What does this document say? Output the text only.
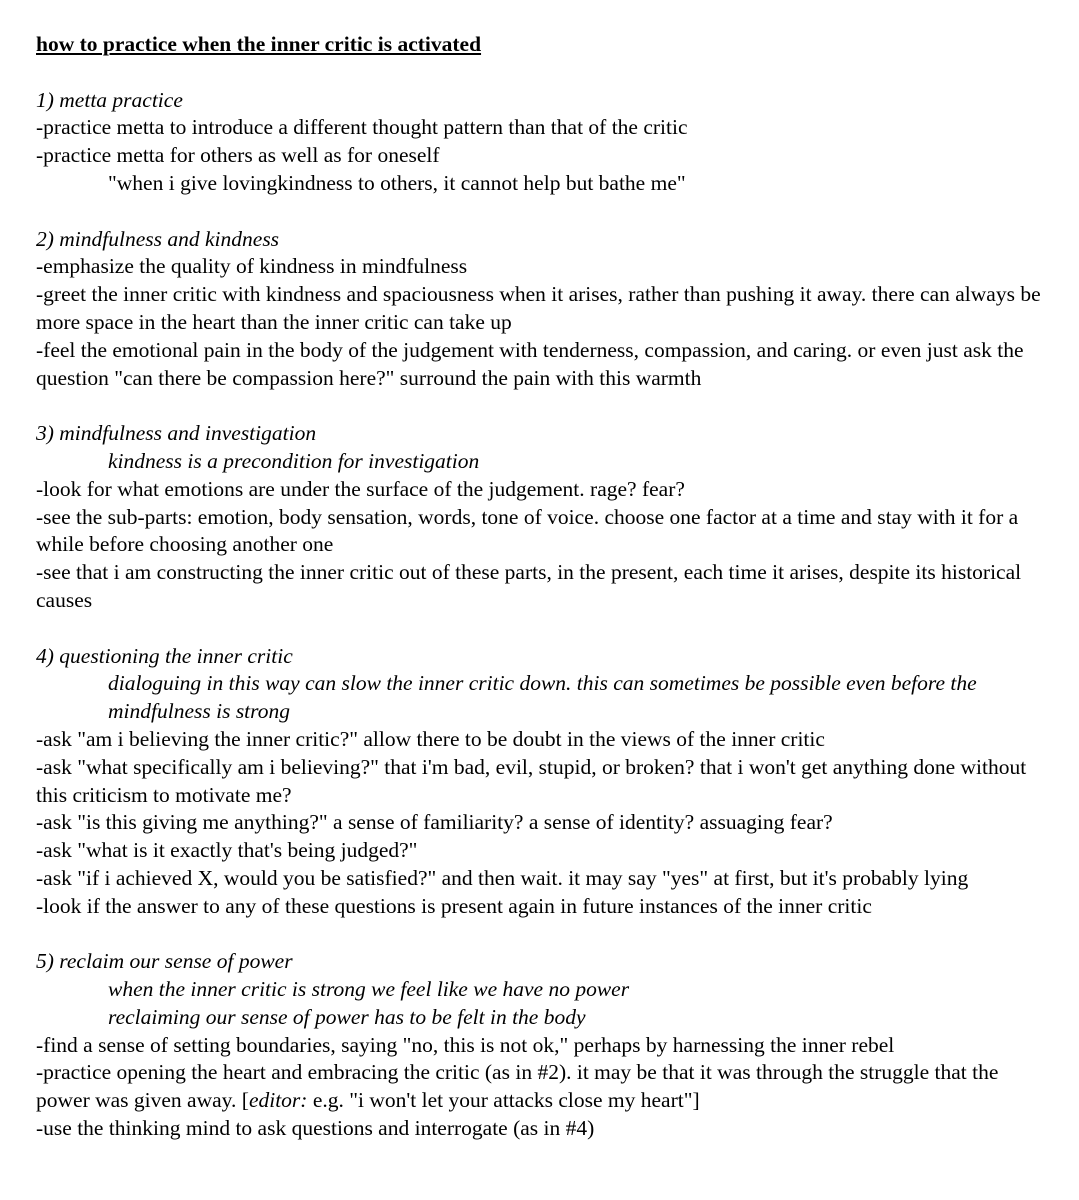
how to practice when the inner critic is activated

1) metta practice

-practice metta to introduce a different thought pattern than that of the critic

-practice metta for others as well as for oneself

"when i give lovingkindness to others, it cannot help but bathe me"

2) mindfulness and kindness

-emphasize the quality of kindness in mindfulness

-greet the inner critic with kindness and spaciousness when it arises, rather than pushing it away. there can always be more space in the heart than the inner critic can take up

-feel the emotional pain in the body of the judgement with tenderness, compassion, and caring. or even just ask the question "can there be compassion here?" surround the pain with this warmth

3) mindfulness and investigation

kindness is a precondition for investigation

-look for what emotions are under the surface of the judgement. rage? fear?

-see the sub-parts: emotion, body sensation, words, tone of voice. choose one factor at a time and stay with it for a while before choosing another one

-see that i am constructing the inner critic out of these parts, in the present, each time it arises, despite its historical causes

4) questioning the inner critic

dialoguing in this way can slow the inner critic down. this can sometimes be possible even before the mindfulness is strong

-ask "am i believing the inner critic?" allow there to be doubt in the views of the inner critic

-ask "what specifically am i believing?" that i'm bad, evil, stupid, or broken? that i won't get anything done without this criticism to motivate me?

-ask "is this giving me anything?" a sense of familiarity? a sense of identity? assuaging fear?

-ask "what is it exactly that's being judged?"

-ask "if i achieved X, would you be satisfied?" and then wait. it may say "yes" at first, but it's probably lying

-look if the answer to any of these questions is present again in future instances of the inner critic

5) reclaim our sense of power

when the inner critic is strong we feel like we have no power

reclaiming our sense of power has to be felt in the body

-find a sense of setting boundaries, saying "no, this is not ok," perhaps by harnessing the inner rebel

-practice opening the heart and embracing the critic (as in #2). it may be that it was through the struggle that the power was given away. [editor: e.g. "i won't let your attacks close my heart"]

-use the thinking mind to ask questions and interrogate (as in #4)
